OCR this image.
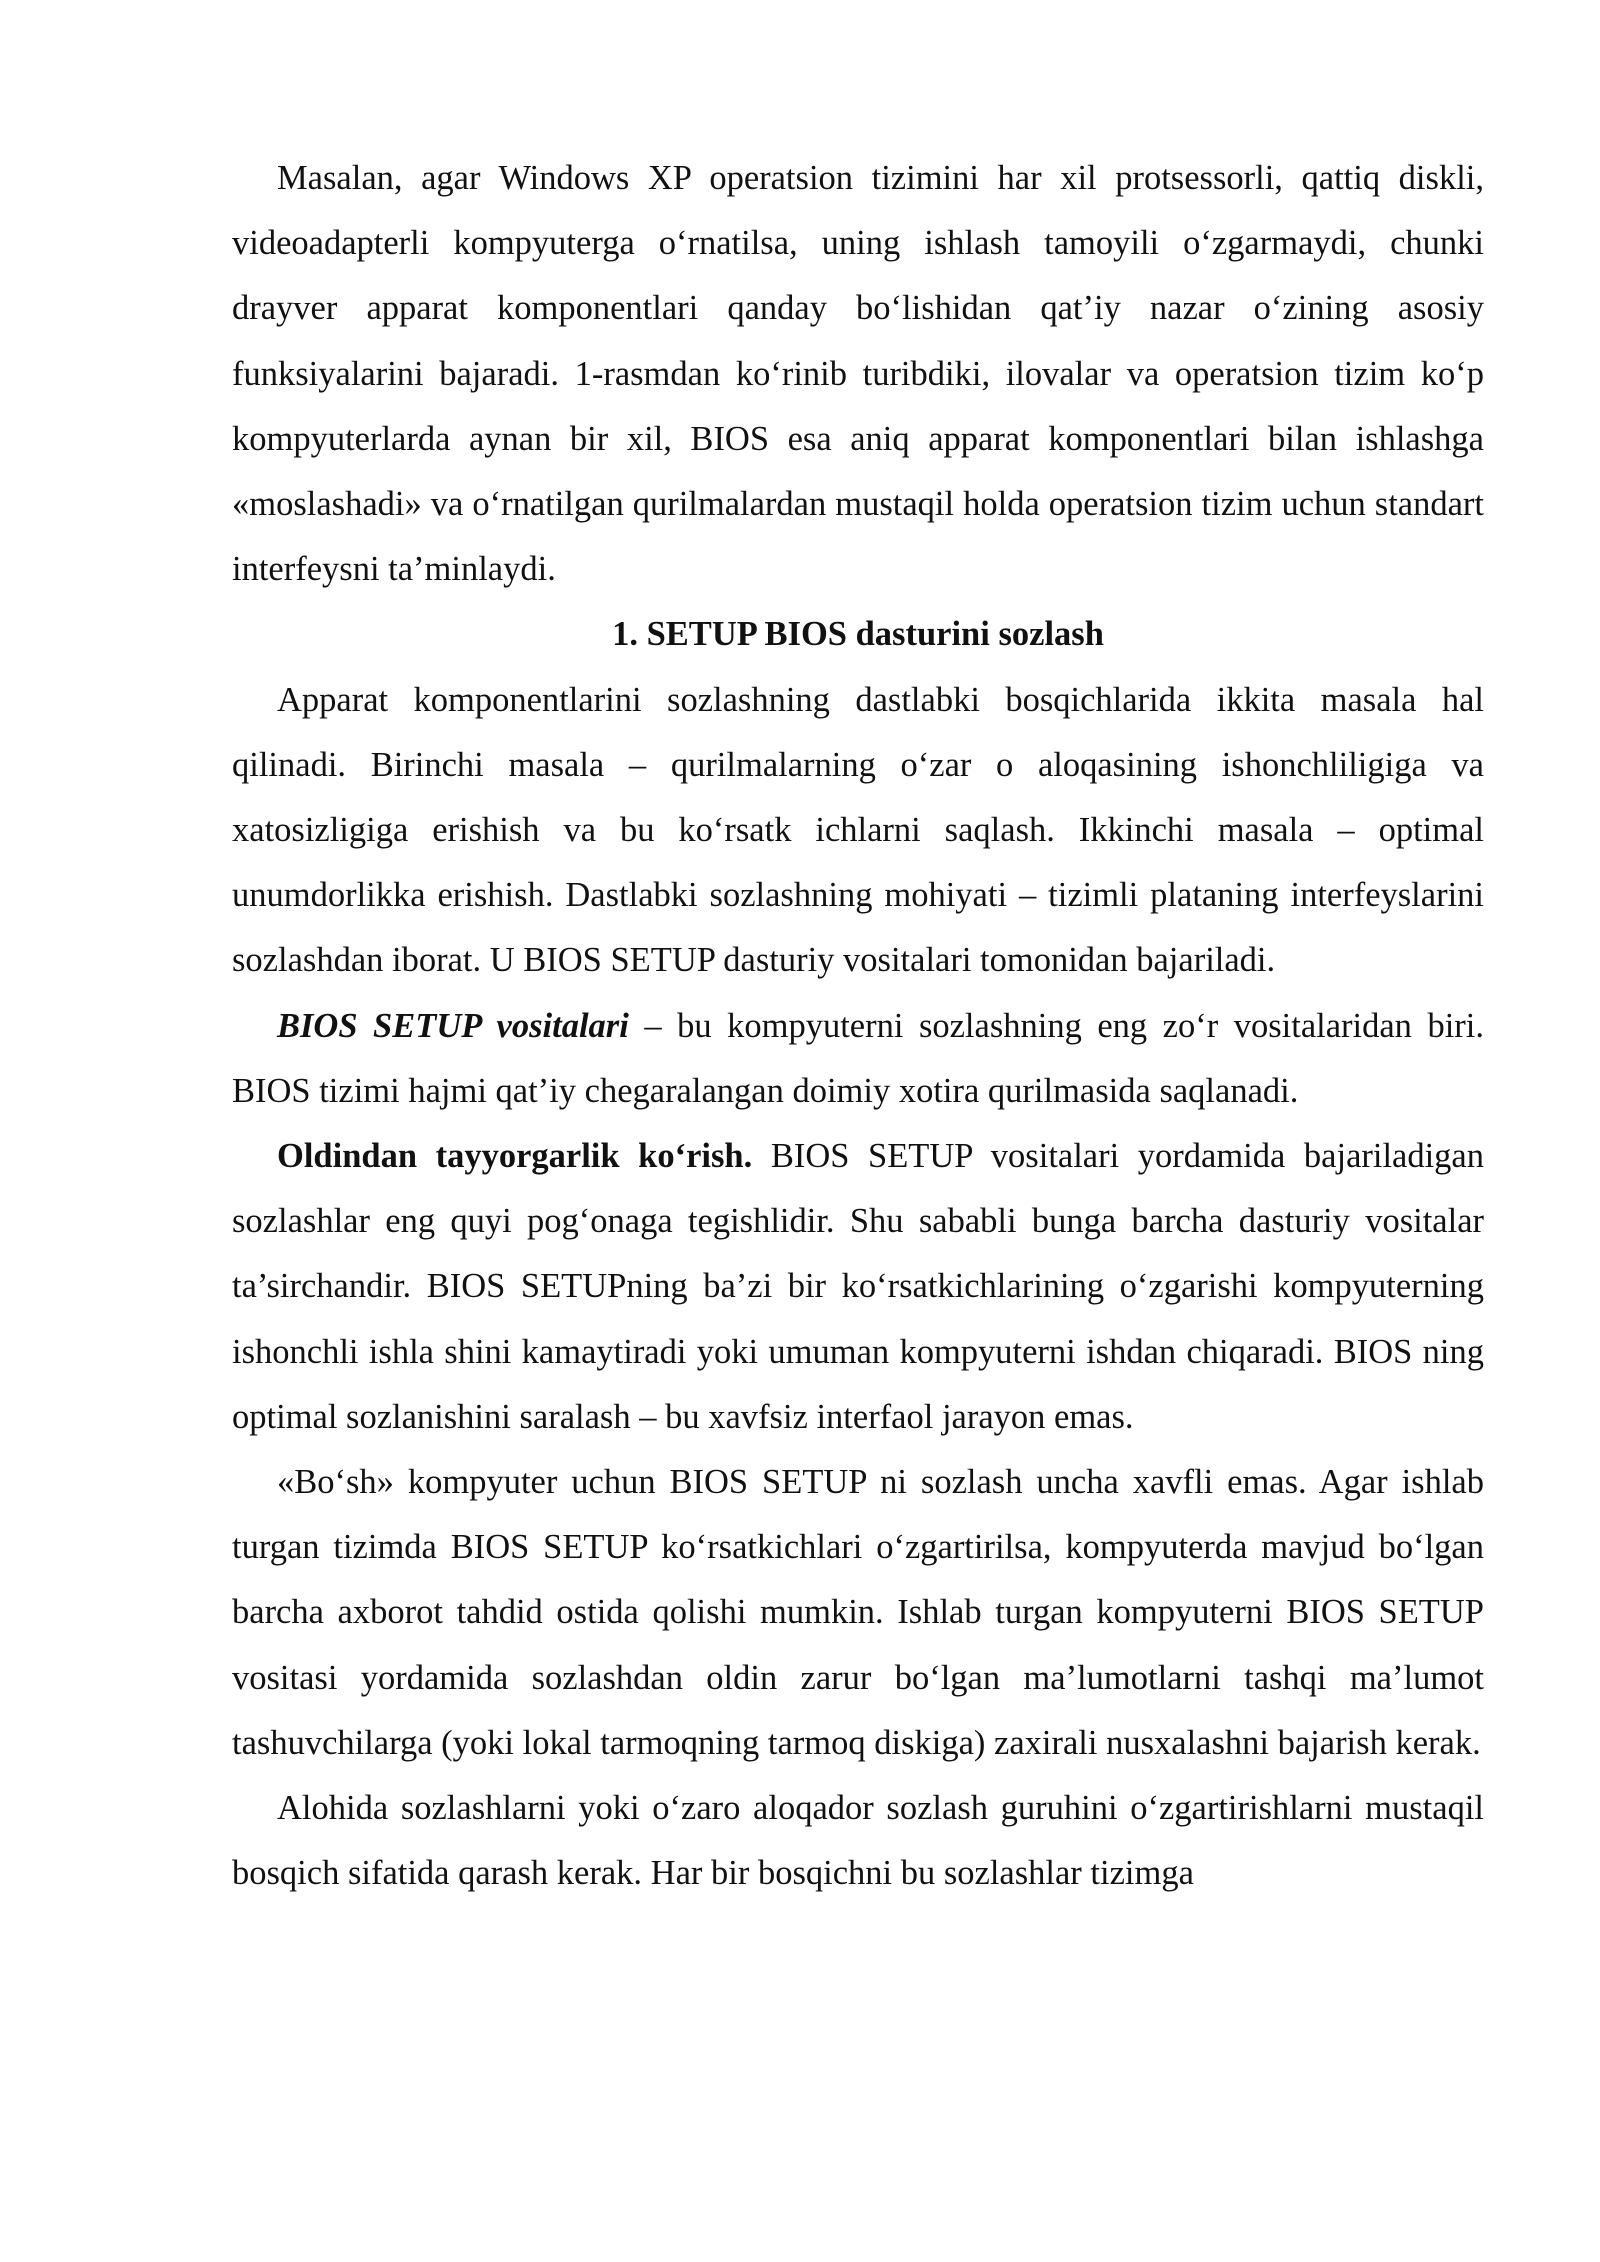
Masalan, agar Windows XP operatsion tizimini har xil protsessorli, qattiq diskli, videoadapterli kompyuterga o‘rnatilsa, uning ishlash tamoyili o‘zgarmaydi, chunki drayver apparat komponentlari qanday bo‘lishidan qat’iy nazar o‘zining asosiy funksiyalarini bajaradi. 1-rasmdan ko‘rinib turibdiki, ilovalar va operatsion tizim ko‘p kompyuterlarda aynan bir xil, BIOS esa aniq apparat komponentlari bilan ishlashga «moslashadi» va o‘rnatilgan qurilmalardan mustaqil holda operatsion tizim uchun standart interfeysni ta’minlaydi.

1. SETUP BIOS dasturini sozlash

Apparat komponentlarini sozlashning dastlabki bosqichlarida ikkita masala hal qilinadi. Birinchi masala – qurilmalarning o‘zar o aloqasining ishonchliligiga va xatosizligiga erishish va bu ko‘rsatk ichlarni saqlash. Ikkinchi masala – optimal unumdorlikka erishish. Dastlabki sozlashning mohiyati – tizimli plataning interfeyslarini sozlashdan iborat. U BIOS SETUP dasturiy vositalari tomonidan bajariladi.

BIOS SETUP vositalari – bu kompyuterni sozlashning eng zo‘r vositalaridan biri. BIOS tizimi hajmi qat’iy chegaralangan doimiy xotira qurilmasida saqlanadi.

Oldindan tayyorgarlik ko‘rish. BIOS SETUP vositalari yordamida bajariladigan sozlashlar eng quyi pog‘onaga tegishlidir. Shu sababli bunga barcha dasturiy vositalar ta’sirchandir. BIOS SETUPning ba’zi bir ko‘rsatkichlarining o‘zgarishi kompyuterning ishonchli ishla shini kamaytiradi yoki umuman kompyuterni ishdan chiqaradi. BIOS ning optimal sozlanishini saralash – bu xavfsiz interfaol jarayon emas.

«Bo‘sh» kompyuter uchun BIOS SETUP ni sozlash uncha xavfli emas. Agar ishlab turgan tizimda BIOS SETUP ko‘rsatkichlari o‘zgartirilsa, kompyuterda mavjud bo‘lgan barcha axborot tahdid ostida qolishi mumkin. Ishlab turgan kompyuterni BIOS SETUP vositasi yordamida sozlashdan oldin zarur bo‘lgan ma’lumotlarni tashqi ma’lumot tashuvchilarga (yoki lokal tarmoqning tarmoq diskiga) zaxirali nusxalashni bajarish kerak.

Alohida sozlashlarni yoki o‘zaro aloqador sozlash guruhini o‘zgartirishlarni mustaqil bosqich sifatida qarash kerak. Har bir bosqichni bu sozlashlar tizimga
